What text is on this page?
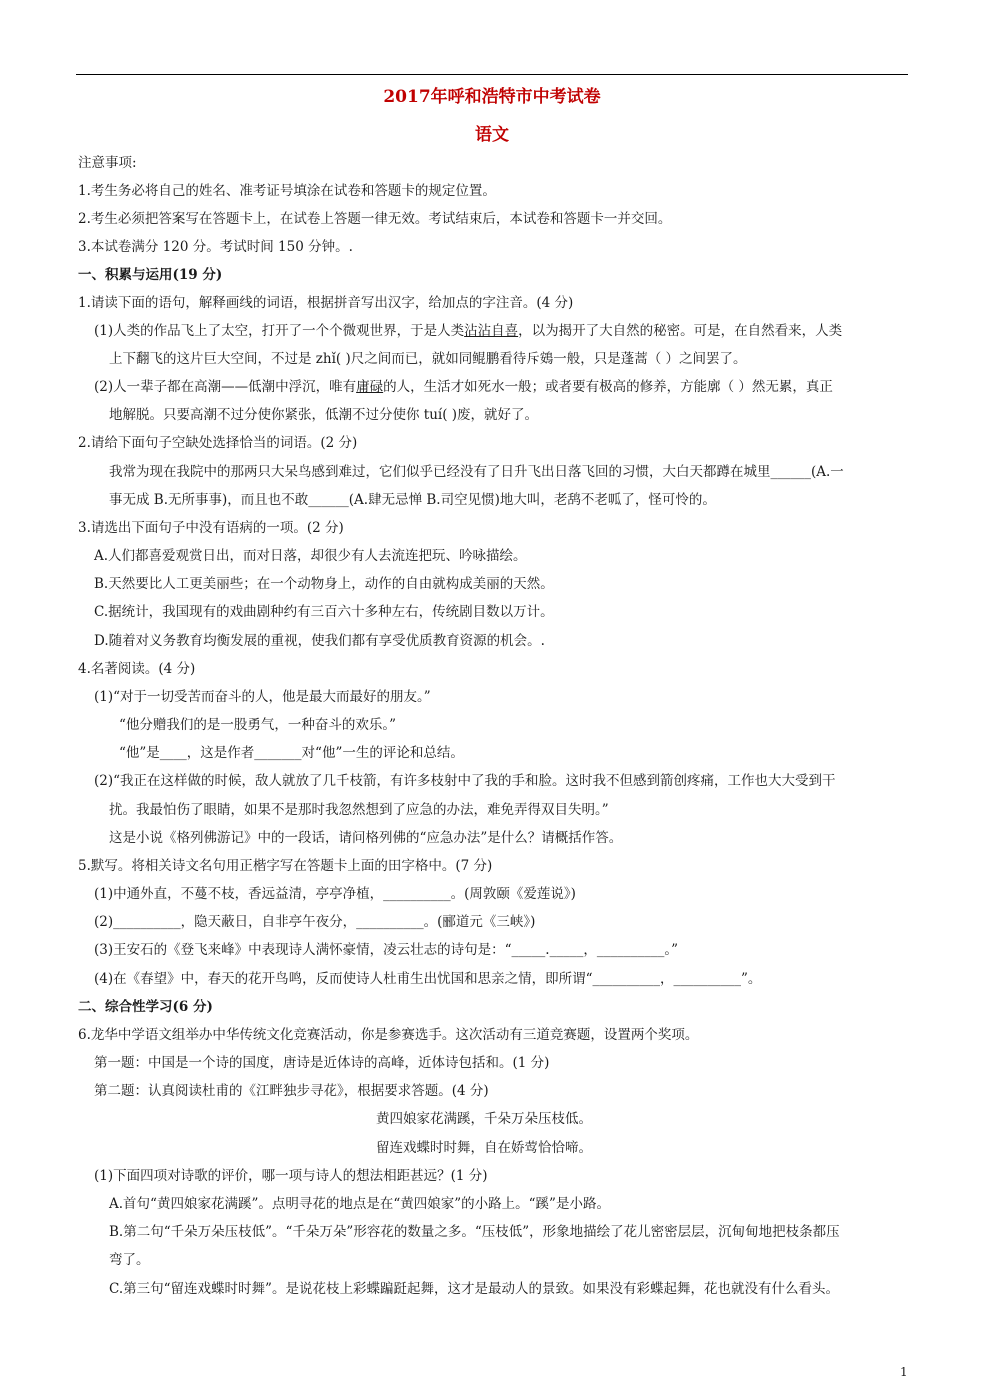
2017年呼和浩特市中考试卷
语文
注意事项:
1.考生务必将自己的姓名、准考证号填涂在试卷和答题卡的规定位置。
2.考生必须把答案写在答题卡上，在试卷上答题一律无效。考试结束后，本试卷和答题卡一并交回。
3.本试卷满分 120 分。考试时间 150 分钟。.
一、积累与运用(19 分)
1.请读下面的语句，解释画线的词语，根据拼音写出汉字，给加点的字注音。(4 分)
(1)人类的作品飞上了太空，打开了一个个微观世界，于是人类沾沾自喜，以为揭开了大自然的秘密。可是，在自然看来，人类
上下翻飞的这片巨大空间，不过是 zhǐ( )尺之间而已，就如同鲲鹏看待斥鴳一般，只是蓬蒿（ ）之间罢了。
(2)人一辈子都在高潮——低潮中浮沉，唯有庸碌的人，生活才如死水一般；或者要有极高的修养，方能廓（ ）然无累，真正
地解脱。只要高潮不过分使你紧张，低潮不过分使你 tuí( )废，就好了。
2.请给下面句子空缺处选择恰当的词语。(2 分)
我常为现在我院中的那两只大呆鸟感到难过，它们似乎已经没有了日升飞出日落飞回的习惯，大白天都蹲在城里______(A.一
事无成 B.无所事事)，而且也不敢______(A.肆无忌惮 B.司空见惯)地大叫，老鸹不老呱了，怪可怜的。
3.请选出下面句子中没有语病的一项。(2 分)
A.人们都喜爱观赏日出，而对日落，却很少有人去流连把玩、吟咏描绘。
B.天然要比人工更美丽些；在一个动物身上，动作的自由就构成美丽的天然。
C.据统计，我国现有的戏曲剧种约有三百六十多种左右，传统剧目数以万计。
D.随着对义务教育均衡发展的重视，使我们都有享受优质教育资源的机会。.
4.名著阅读。(4 分)
(1)“对于一切受苦而奋斗的人，他是最大而最好的朋友。”
“他分赠我们的是一股勇气，一种奋斗的欢乐。”
“他”是____，这是作者_______对“他”一生的评论和总结。
(2)“我正在这样做的时候，敌人就放了几千枝箭，有许多枝射中了我的手和脸。这时我不但感到箭创疼痛，工作也大大受到干
扰。我最怕伤了眼睛，如果不是那时我忽然想到了应急的办法，难免弄得双目失明。”
这是小说《格列佛游记》中的一段话，请问格列佛的“应急办法”是什么？请概括作答。
5.默写。将相关诗文名句用正楷字写在答题卡上面的田字格中。(7 分)
(1)中通外直，不蔓不枝，香远益清，亭亭净植，__________。(周敦颐《爱莲说》)
(2)__________，隐天蔽日，自非亭午夜分，__________。(郦道元《三峡》)
(3)王安石的《登飞来峰》中表现诗人满怀豪情，凌云壮志的诗句是：“_____._____，__________。”
(4)在《春望》中，春天的花开鸟鸣，反而使诗人杜甫生出忧国和思亲之情，即所谓“__________，__________”。
二、综合性学习(6 分)
6.龙华中学语文组举办中华传统文化竞赛活动，你是参赛选手。这次活动有三道竞赛题，设置两个奖项。
第一题：中国是一个诗的国度，唐诗是近体诗的高峰，近体诗包括和。(1 分)
第二题：认真阅读杜甫的《江畔独步寻花》，根据要求答题。(4 分)
黄四娘家花满蹊，千朵万朵压枝低。
留连戏蝶时时舞，自在娇莺恰恰啼。
(1)下面四项对诗歌的评价，哪一项与诗人的想法相距甚远？(1 分)
A.首句“黄四娘家花满蹊”。点明寻花的地点是在“黄四娘家”的小路上。“蹊”是小路。
B.第二句“千朵万朵压枝低”。“千朵万朵”形容花的数量之多。“压枝低”，形象地描绘了花儿密密层层，沉甸甸地把枝条都压
弯了。
C.第三句“留连戏蝶时时舞”。是说花枝上彩蝶蹁跹起舞，这才是最动人的景致。如果没有彩蝶起舞，花也就没有什么看头。
1
